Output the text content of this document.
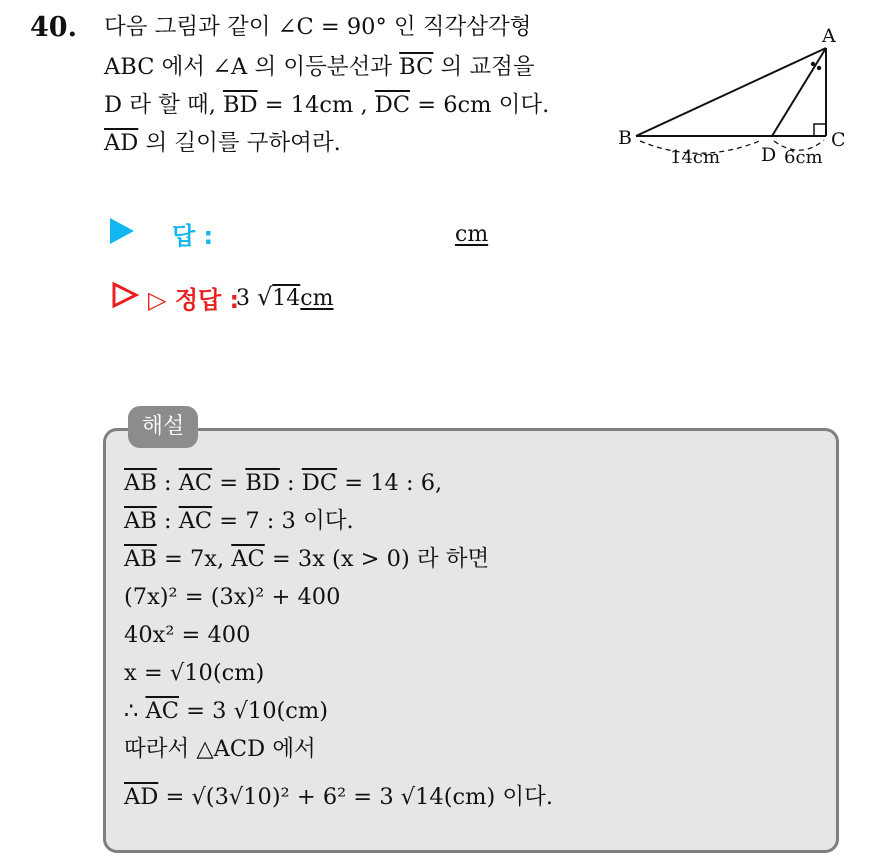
40. 다음 그림과 같이 ∠C = 90° 인 직각삼각형
ABC 에서 ∠A 의 이등분선과 $\overline{BC}$ 의 교점을
D 라 할 때, $\overline{BD} = 14cm$ , $\overline{DC} = 6cm$ 이다.
$\overline{AD}$ 의 길이를 구하여라.
A
B	C
D
14cm	6cm
답 :	cm
▷ 정답 :
3 √14cm
해설
$\overline{AB}$ : $\overline{AC} = \overline{BD}$ : $\overline{DC} = 14$ : 6,
$\overline{AB}$ : $\overline{AC} = 7$ : 3 이다.
$\overline{AB} = 7x$, $\overline{AC} = 3x$ (x > 0) 라 하면
(7x)² = (3x)² + 400
40x² = 400
x = √10(cm)
∴ $\overline{AC} = 3$ √10(cm)
따라서 △ACD 에서
$\overline{AD} = √(3√10)^2 + 6^2 = 3$ √14(cm) 이다.
